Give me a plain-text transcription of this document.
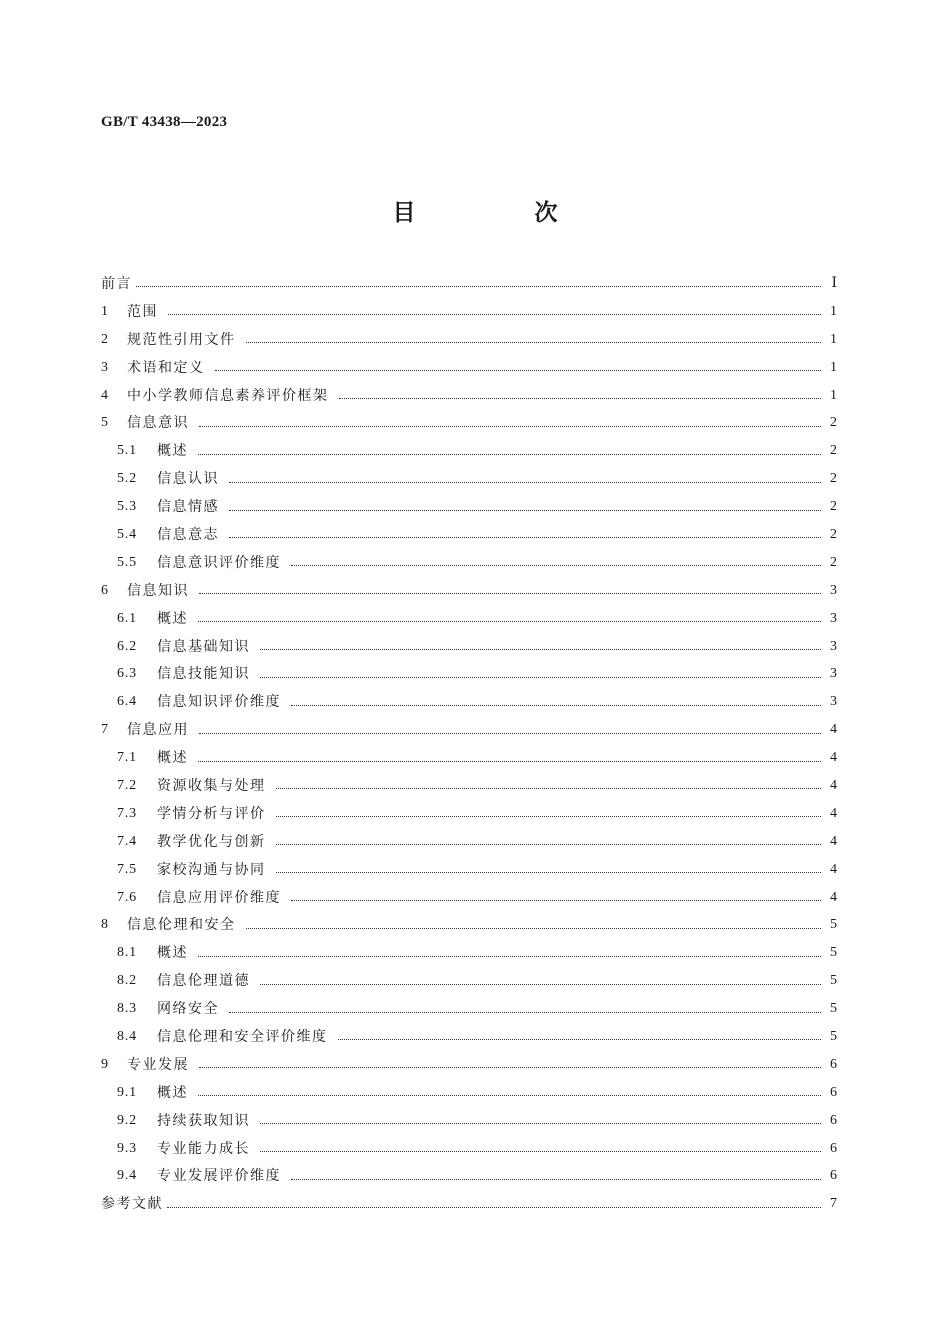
GB/T 43438—2023
目　次
前言	Ⅰ
1	范围	1
2	规范性引用文件	1
3	术语和定义	1
4	中小学教师信息素养评价框架	1
5	信息意识	2
5.1	概述	2
5.2	信息认识	2
5.3	信息情感	2
5.4	信息意志	2
5.5	信息意识评价维度	2
6	信息知识	3
6.1	概述	3
6.2	信息基础知识	3
6.3	信息技能知识	3
6.4	信息知识评价维度	3
7	信息应用	4
7.1	概述	4
7.2	资源收集与处理	4
7.3	学情分析与评价	4
7.4	教学优化与创新	4
7.5	家校沟通与协同	4
7.6	信息应用评价维度	4
8	信息伦理和安全	5
8.1	概述	5
8.2	信息伦理道德	5
8.3	网络安全	5
8.4	信息伦理和安全评价维度	5
9	专业发展	6
9.1	概述	6
9.2	持续获取知识	6
9.3	专业能力成长	6
9.4	专业发展评价维度	6
参考文献	7
